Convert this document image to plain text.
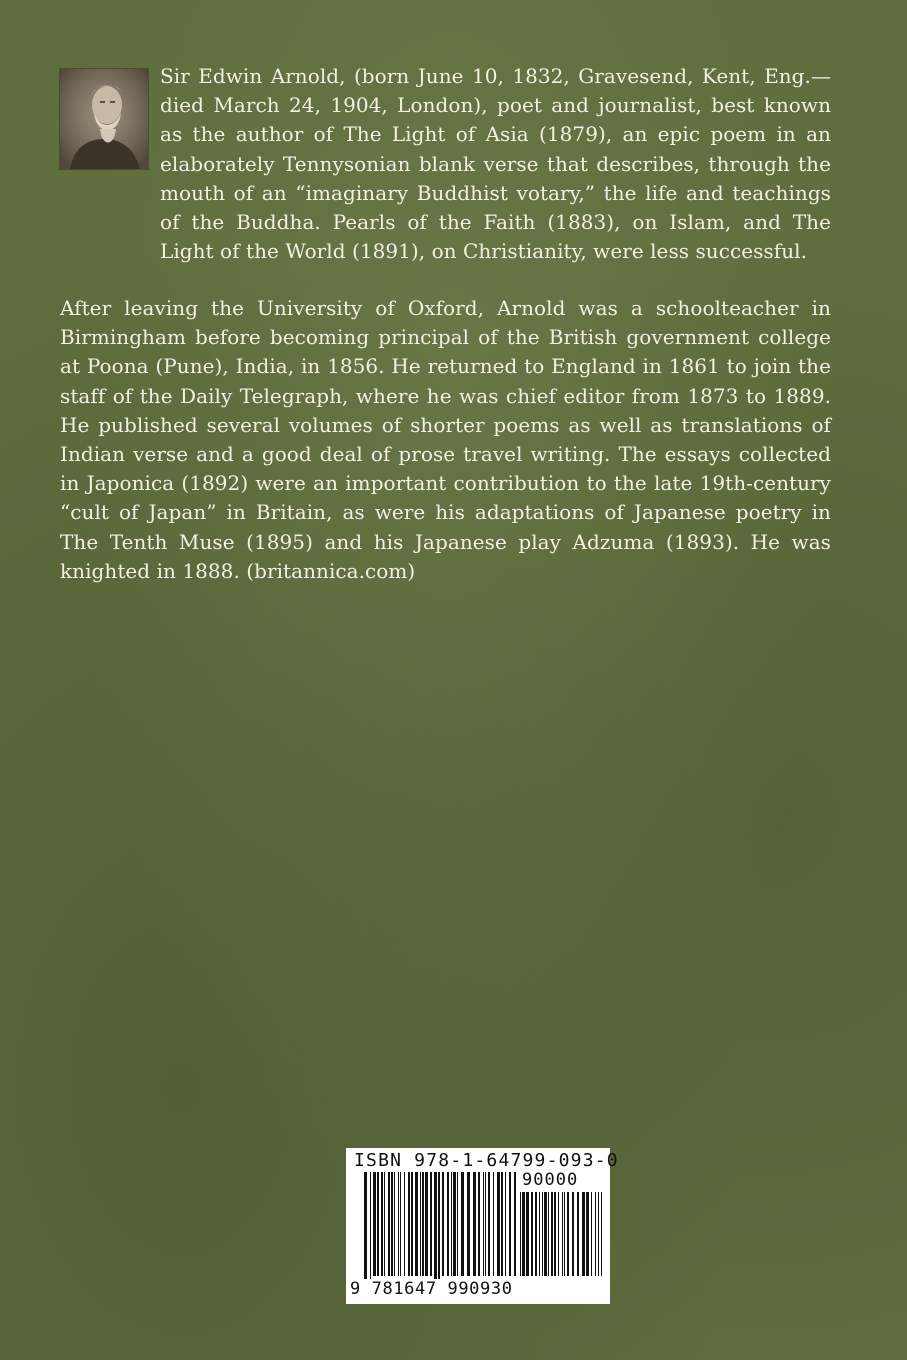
Sir Edwin Arnold, (born June 10, 1832, Gravesend, Kent, Eng.—died March 24, 1904, London), poet and journalist, best known as the author of The Light of Asia (1879), an epic poem in an elaborately Tennysonian blank verse that describes, through the mouth of an “imaginary Buddhist votary,” the life and teachings of the Buddha. Pearls of the Faith (1883), on Islam, and The Light of the World (1891), on Christianity, were less successful.

After leaving the University of Oxford, Arnold was a schoolteacher in Birmingham before becoming principal of the British government college at Poona (Pune), India, in 1856. He returned to England in 1861 to join the staff of the Daily Telegraph, where he was chief editor from 1873 to 1889. He published several volumes of shorter poems as well as translations of Indian verse and a good deal of prose travel writing. The essays collected in Japonica (1892) were an important contribution to the late 19th-century “cult of Japan” in Britain, as were his adaptations of Japanese poetry in The Tenth Muse (1895) and his Japanese play Adzuma (1893). He was knighted in 1888. (britannica.com)

ISBN 978-1-64799-093-0
90000
9 781647 990930
